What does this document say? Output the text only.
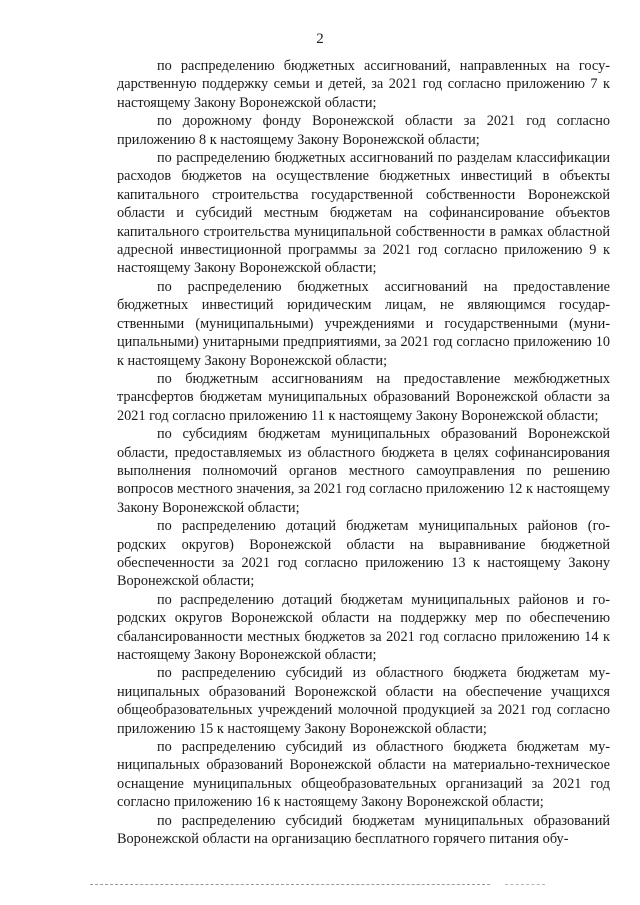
2

по распределению бюджетных ассигнований, направленных на государственную поддержку семьи и детей, за 2021 год согласно приложению 7 к настоящему Закону Воронежской области;

по дорожному фонду Воронежской области за 2021 год согласно приложению 8 к настоящему Закону Воронежской области;

по распределению бюджетных ассигнований по разделам классификации расходов бюджетов на осуществление бюджетных инвестиций в объекты капитального строительства государственной собственности Воронежской области и субсидий местным бюджетам на софинансирование объектов капитального строительства муниципальной собственности в рамках областной адресной инвестиционной программы за 2021 год согласно приложению 9 к настоящему Закону Воронежской области;

по распределению бюджетных ассигнований на предоставление бюджетных инвестиций юридическим лицам, не являющимся государственными (муниципальными) учреждениями и государственными (муниципальными) унитарными предприятиями, за 2021 год согласно приложению 10 к настоящему Закону Воронежской области;

по бюджетным ассигнованиям на предоставление межбюджетных трансфертов бюджетам муниципальных образований Воронежской области за 2021 год согласно приложению 11 к настоящему Закону Воронежской области;

по субсидиям бюджетам муниципальных образований Воронежской области, предоставляемых из областного бюджета в целях софинансирования выполнения полномочий органов местного самоуправления по решению вопросов местного значения, за 2021 год согласно приложению 12 к настоящему Закону Воронежской области;

по распределению дотаций бюджетам муниципальных районов (городских округов) Воронежской области на выравнивание бюджетной обеспеченности за 2021 год согласно приложению 13 к настоящему Закону Воронежской области;

по распределению дотаций бюджетам муниципальных районов и городских округов Воронежской области на поддержку мер по обеспечению сбалансированности местных бюджетов за 2021 год согласно приложению 14 к настоящему Закону Воронежской области;

по распределению субсидий из областного бюджета бюджетам муниципальных образований Воронежской области на обеспечение учащихся общеобразовательных учреждений молочной продукцией за 2021 год согласно приложению 15 к настоящему Закону Воронежской области;

по распределению субсидий из областного бюджета бюджетам муниципальных образований Воронежской области на материально-техническое оснащение муниципальных общеобразовательных организаций за 2021 год согласно приложению 16 к настоящему Закону Воронежской области;

по распределению субсидий бюджетам муниципальных образований Воронежской области на организацию бесплатного горячего питания обу-
